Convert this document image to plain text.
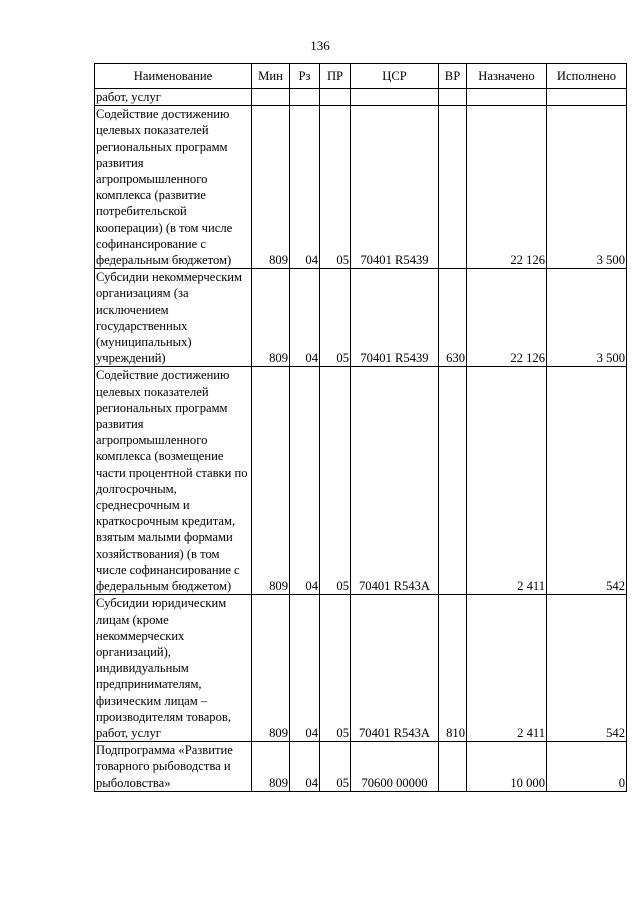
136
Наименование	Мин	Рз	ПР	ЦСР	ВР	Назначено	Исполнено
работ, услуг							
Содействие достижению целевых показателей региональных программ развития агропромышленного комплекса (развитие потребительской кооперации) (в том числе софинансирование с федеральным бюджетом)	809	04	05	70401 R5439		22 126	3 500
Субсидии некоммерческим организациям (за исключением государственных (муниципальных) учреждений)	809	04	05	70401 R5439	630	22 126	3 500
Содействие достижению целевых показателей региональных программ развития агропромышленного комплекса (возмещение части процентной ставки по долгосрочным, среднесрочным и краткосрочным кредитам, взятым малыми формами хозяйствования) (в том числе софинансирование с федеральным бюджетом)	809	04	05	70401 R543A		2 411	542
Субсидии юридическим лицам (кроме некоммерческих организаций), индивидуальным предпринимателям, физическим лицам – производителям товаров, работ, услуг	809	04	05	70401 R543A	810	2 411	542
Подпрограмма «Развитие товарного рыбоводства и рыболовства»	809	04	05	70600 00000		10 000	0
